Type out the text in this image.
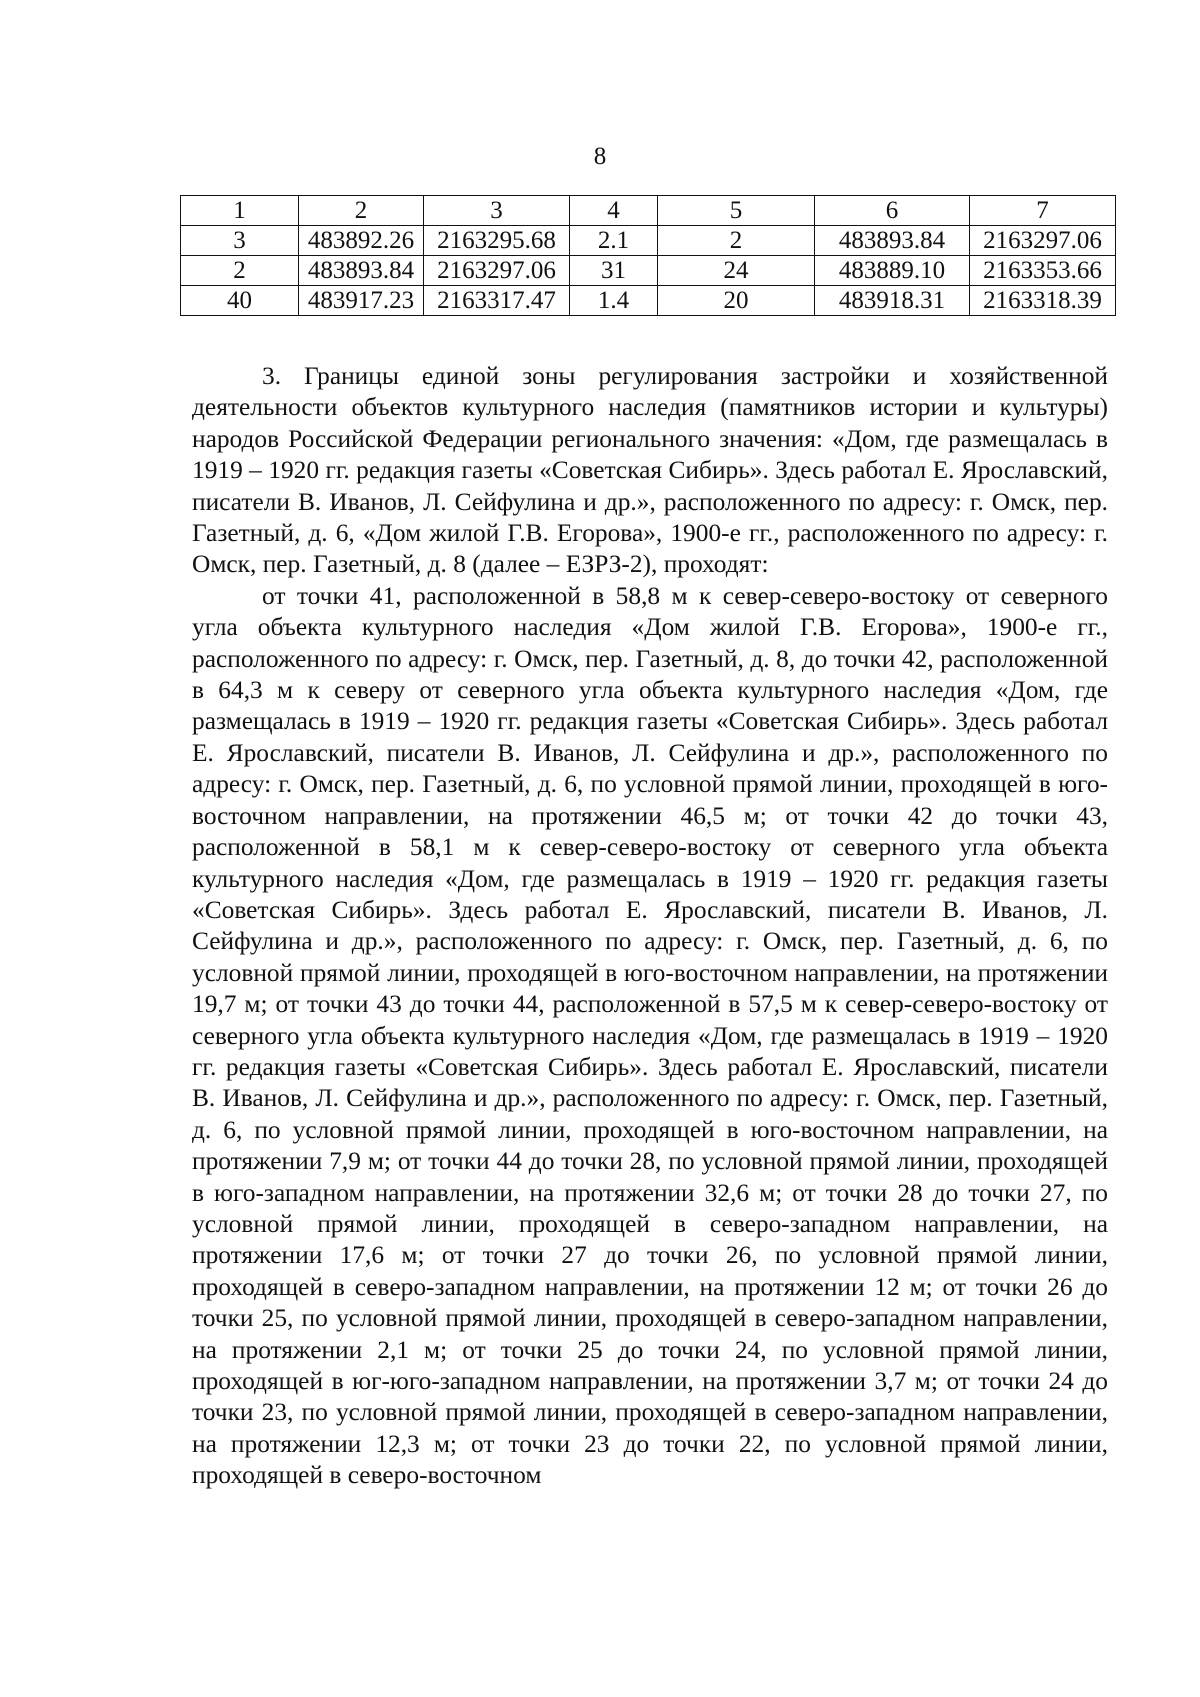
8
1	2	3	4	5	6	7
3	483892.26	2163295.68	2.1	2	483893.84	2163297.06
2	483893.84	2163297.06	31	24	483889.10	2163353.66
40	483917.23	2163317.47	1.4	20	483918.31	2163318.39

3. Границы единой зоны регулирования застройки и хозяйственной деятельности объектов культурного наследия (памятников истории и культуры) народов Российской Федерации регионального значения: «Дом, где размещалась в 1919 – 1920 гг. редакция газеты «Советская Сибирь». Здесь работал Е. Ярославский, писатели В. Иванов, Л. Сейфулина и др.», расположенного по адресу: г. Омск, пер. Газетный, д. 6, «Дом жилой Г.В. Егорова», 1900-е гг., расположенного по адресу: г. Омск, пер. Газетный, д. 8 (далее – ЕЗРЗ-2), проходят:

от точки 41, расположенной в 58,8 м к север-северо-востоку от северного угла объекта культурного наследия «Дом жилой Г.В. Егорова», 1900-е гг., расположенного по адресу: г. Омск, пер. Газетный, д. 8, до точки 42, расположенной в 64,3 м к северу от северного угла объекта культурного наследия «Дом, где размещалась в 1919 – 1920 гг. редакция газеты «Советская Сибирь». Здесь работал Е. Ярославский, писатели В. Иванов, Л. Сейфулина и др.», расположенного по адресу: г. Омск, пер. Газетный, д. 6, по условной прямой линии, проходящей в юго-восточном направлении, на протяжении 46,5 м; от точки 42 до точки 43, расположенной в 58,1 м к север-северо-востоку от северного угла объекта культурного наследия «Дом, где размещалась в 1919 – 1920 гг. редакция газеты «Советская Сибирь». Здесь работал Е. Ярославский, писатели В. Иванов, Л. Сейфулина и др.», расположенного по адресу: г. Омск, пер. Газетный, д. 6, по условной прямой линии, проходящей в юго-восточном направлении, на протяжении 19,7 м; от точки 43 до точки 44, расположенной в 57,5 м к север-северо-востоку от северного угла объекта культурного наследия «Дом, где размещалась в 1919 – 1920 гг. редакция газеты «Советская Сибирь». Здесь работал Е. Ярославский, писатели В. Иванов, Л. Сейфулина и др.», расположенного по адресу: г. Омск, пер. Газетный, д. 6, по условной прямой линии, проходящей в юго-восточном направлении, на протяжении 7,9 м; от точки 44 до точки 28, по условной прямой линии, проходящей в юго-западном направлении, на протяжении 32,6 м; от точки 28 до точки 27, по условной прямой линии, проходящей в северо-западном направлении, на протяжении 17,6 м; от точки 27 до точки 26, по условной прямой линии, проходящей в северо-западном направлении, на протяжении 12 м; от точки 26 до точки 25, по условной прямой линии, проходящей в северо-западном направлении, на протяжении 2,1 м; от точки 25 до точки 24, по условной прямой линии, проходящей в юг-юго-западном направлении, на протяжении 3,7 м; от точки 24 до точки 23, по условной прямой линии, проходящей в северо-западном направлении, на протяжении 12,3 м; от точки 23 до точки 22, по условной прямой линии, проходящей в северо-восточном
